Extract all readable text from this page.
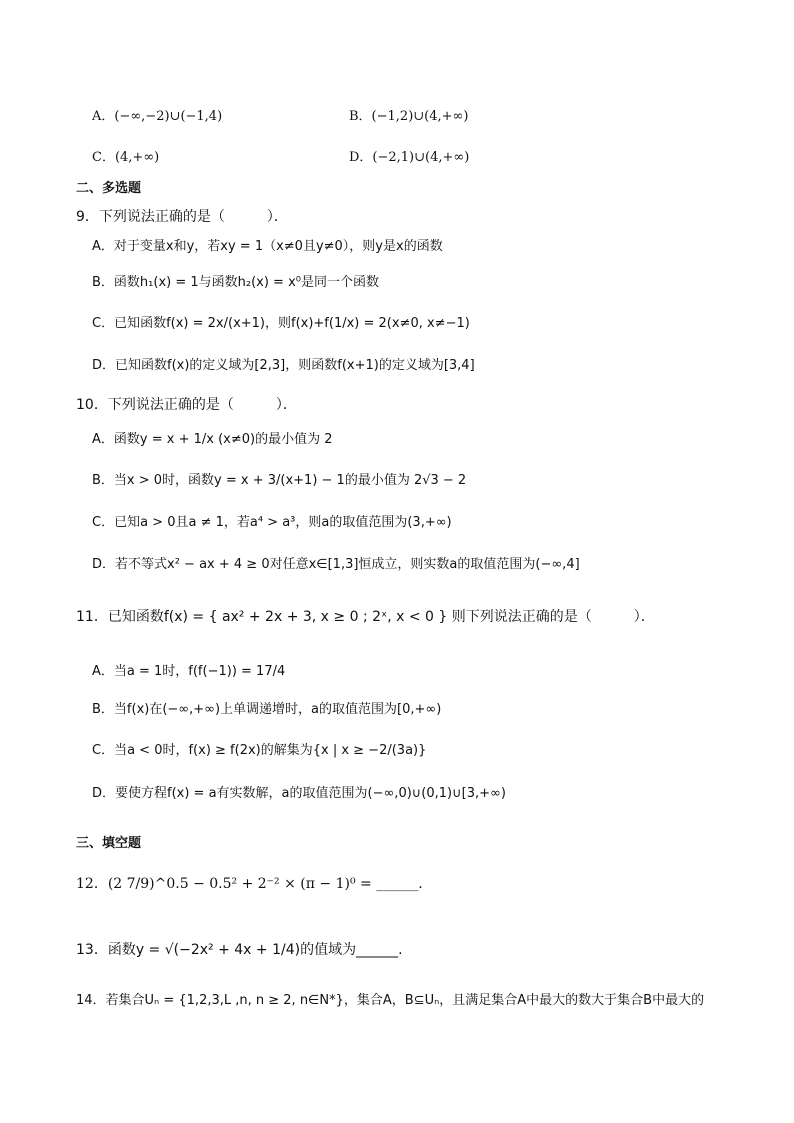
A．(−∞,−2)∪(−1,4)	B．(−1,2)∪(4,+∞)
C．(4,+∞)	D．(−2,1)∪(4,+∞)
二、多选题
9．下列说法正确的是（　　　）．
A．对于变量x和y，若xy = 1（x≠0且y≠0），则y是x的函数
B．函数h₁(x) = 1与函数h₂(x) = x⁰是同一个函数
C．已知函数f(x) = 2x/(x+1)，则f(x)+f(1/x) = 2(x≠0, x≠−1)
D．已知函数f(x)的定义域为[2,3]，则函数f(x+1)的定义域为[3,4]
10．下列说法正确的是（　　　）．
A．函数y = x + 1/x (x≠0)的最小值为 2
B．当x > 0时，函数y = x + 3/(x+1) − 1的最小值为 2√3 − 2
C．已知a > 0且a ≠ 1，若a⁴ > a³，则a的取值范围为(3,+∞)
D．若不等式x² − ax + 4 ≥ 0对任意x∈[1,3]恒成立，则实数a的取值范围为(−∞,4]
11．已知函数f(x) = { ax² + 2x + 3, x ≥ 0 ; 2ˣ, x < 0 } 则下列说法正确的是（　　　）．
A．当a = 1时，f(f(−1)) = 17/4
B．当f(x)在(−∞,+∞)上单调递增时，a的取值范围为[0,+∞)
C．当a < 0时，f(x) ≥ f(2x)的解集为{x | x ≥ −2/(3a)}
D．要使方程f(x) = a有实数解，a的取值范围为(−∞,0)∪(0,1)∪[3,+∞)
三、填空题
12．(2 7/9)^0.5 − 0.5² + 2⁻² × (π − 1)⁰ = ______.
13．函数y = √(−2x² + 4x + 1/4)的值域为______.
14．若集合Uₙ = {1,2,3,L ,n, n ≥ 2, n∈N*}，集合A，B⊆Uₙ，且满足集合A中最大的数大于集合B中最大的
